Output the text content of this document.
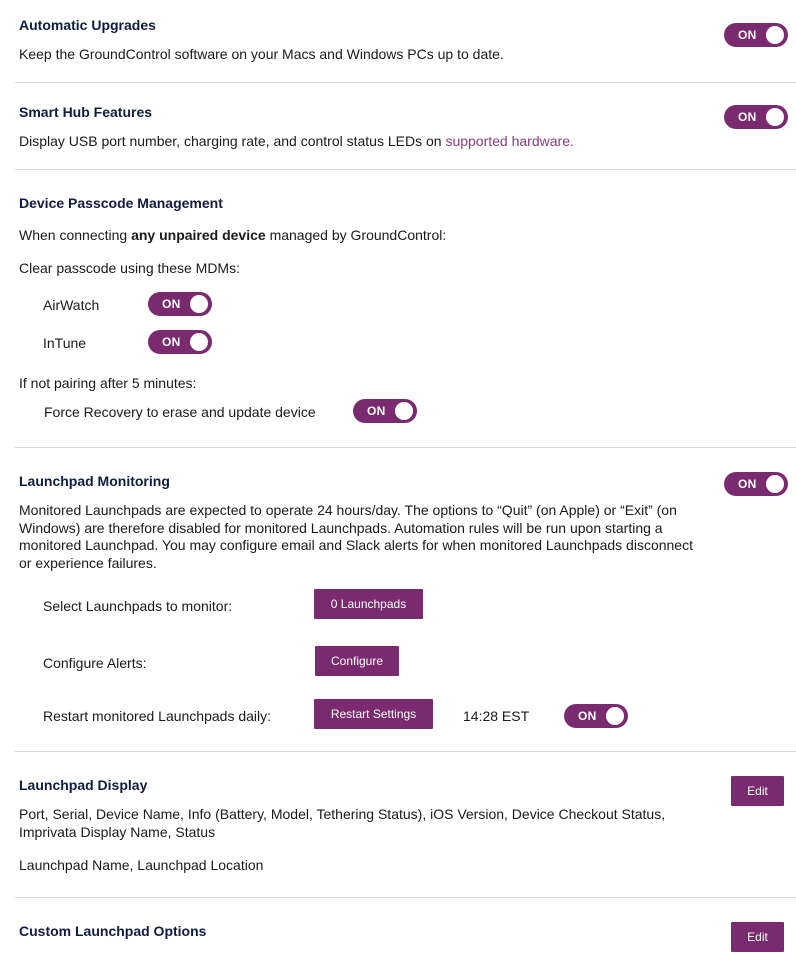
Automatic Upgrades
Keep the GroundControl software on your Macs and Windows PCs up to date.
ON
Smart Hub Features
Display USB port number, charging rate, and control status LEDs on supported hardware.
ON
Device Passcode Management
When connecting any unpaired device managed by GroundControl:
Clear passcode using these MDMs:
AirWatch	ON
InTune	ON
If not pairing after 5 minutes:
Force Recovery to erase and update device	ON
Launchpad Monitoring	ON
Monitored Launchpads are expected to operate 24 hours/day. The options to “Quit” (on Apple) or “Exit” (on Windows) are therefore disabled for monitored Launchpads. Automation rules will be run upon starting a monitored Launchpad. You may configure email and Slack alerts for when monitored Launchpads disconnect or experience failures.
Select Launchpads to monitor:	0 Launchpads
Configure Alerts:	Configure
Restart monitored Launchpads daily:	Restart Settings	14:28 EST	ON
Launchpad Display	Edit
Port, Serial, Device Name, Info (Battery, Model, Tethering Status), iOS Version, Device Checkout Status, Imprivata Display Name, Status
Launchpad Name, Launchpad Location
Custom Launchpad Options	Edit
